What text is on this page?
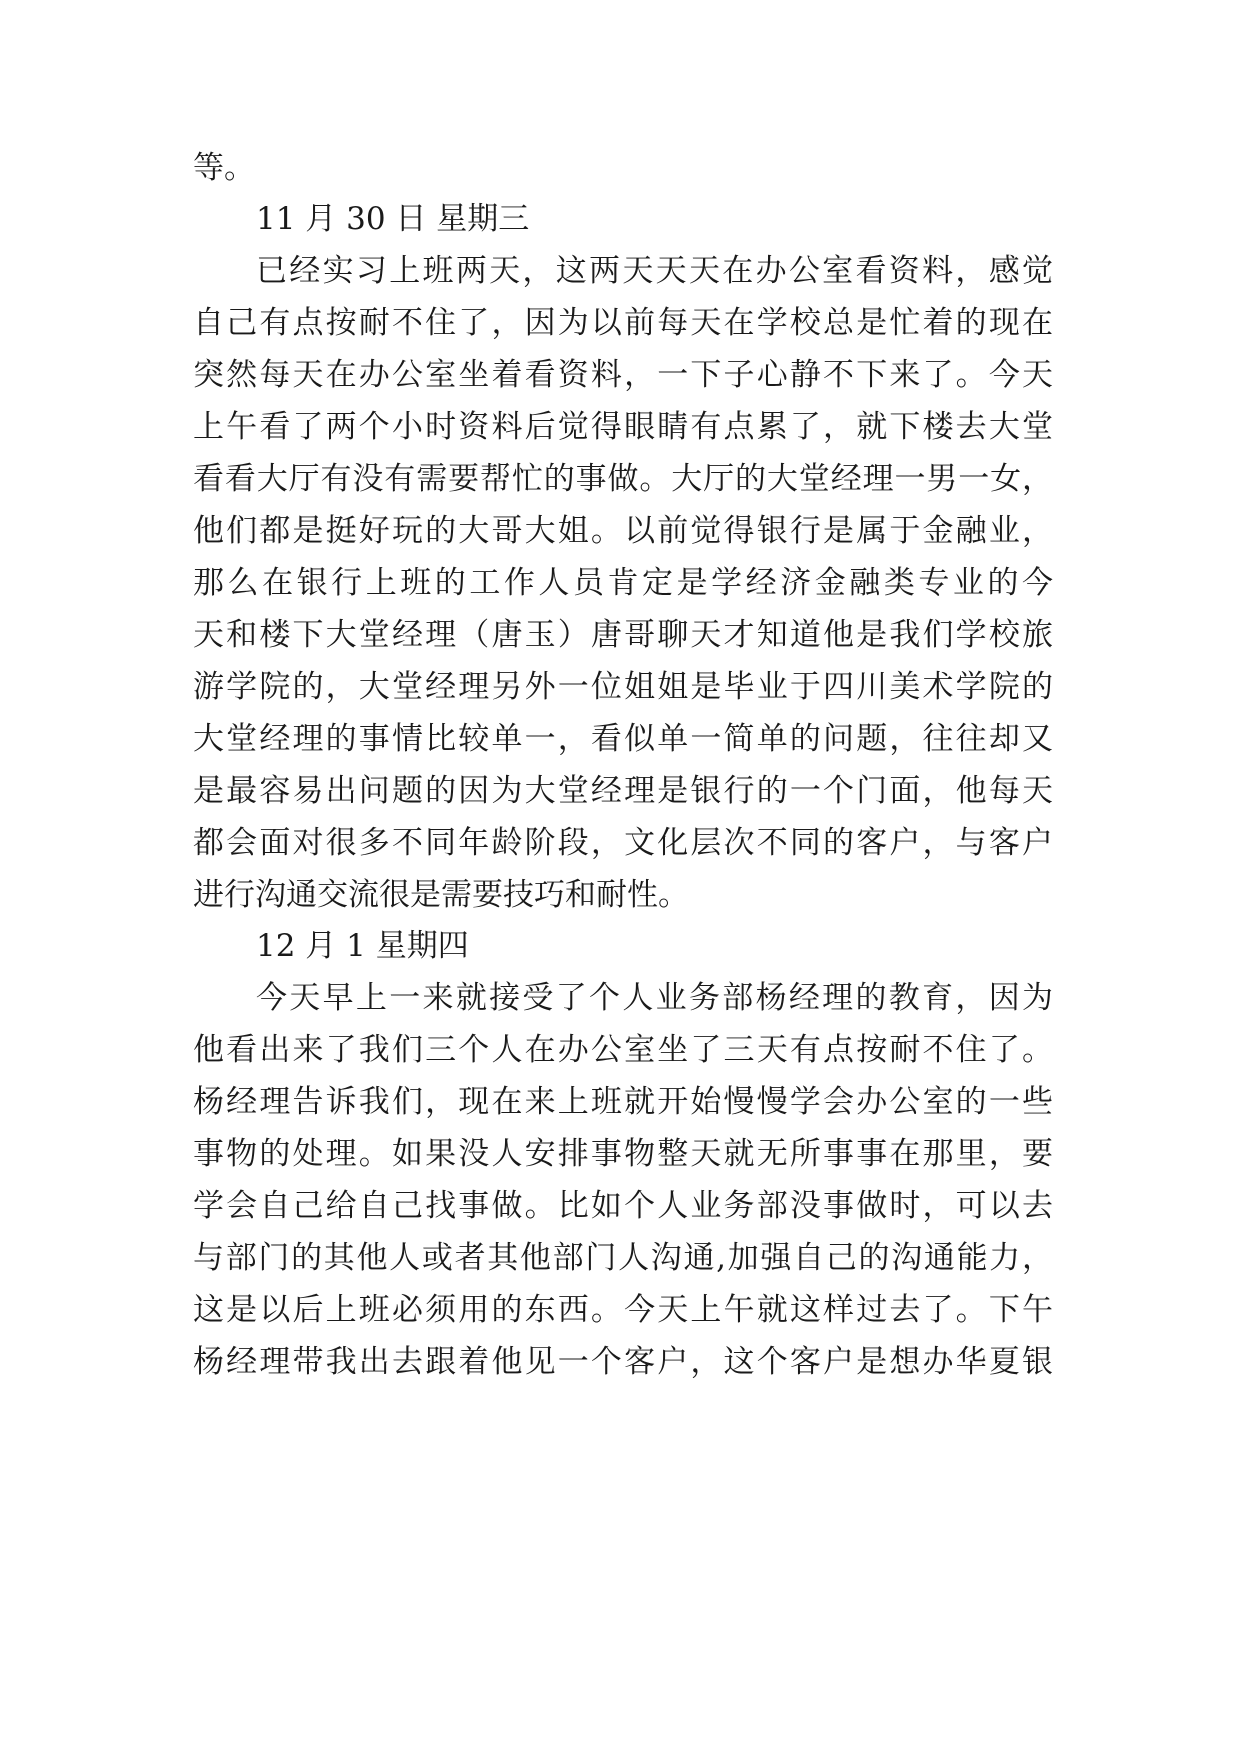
等。
11 月 30 日 星期三
已经实习上班两天，这两天天天在办公室看资料，感觉
自己有点按耐不住了，因为以前每天在学校总是忙着的现在
突然每天在办公室坐着看资料，一下子心静不下来了。今天
上午看了两个小时资料后觉得眼睛有点累了，就下楼去大堂
看看大厅有没有需要帮忙的事做。大厅的大堂经理一男一女，
他们都是挺好玩的大哥大姐。以前觉得银行是属于金融业，
那么在银行上班的工作人员肯定是学经济金融类专业的今
天和楼下大堂经理（唐玉）唐哥聊天才知道他是我们学校旅
游学院的，大堂经理另外一位姐姐是毕业于四川美术学院的
大堂经理的事情比较单一，看似单一简单的问题，往往却又
是最容易出问题的因为大堂经理是银行的一个门面，他每天
都会面对很多不同年龄阶段，文化层次不同的客户，与客户
进行沟通交流很是需要技巧和耐性。
12 月 1 星期四
今天早上一来就接受了个人业务部杨经理的教育，因为
他看出来了我们三个人在办公室坐了三天有点按耐不住了。
杨经理告诉我们，现在来上班就开始慢慢学会办公室的一些
事物的处理。如果没人安排事物整天就无所事事在那里，要
学会自己给自己找事做。比如个人业务部没事做时，可以去
与部门的其他人或者其他部门人沟通,加强自己的沟通能力，
这是以后上班必须用的东西。今天上午就这样过去了。下午
杨经理带我出去跟着他见一个客户，这个客户是想办华夏银
